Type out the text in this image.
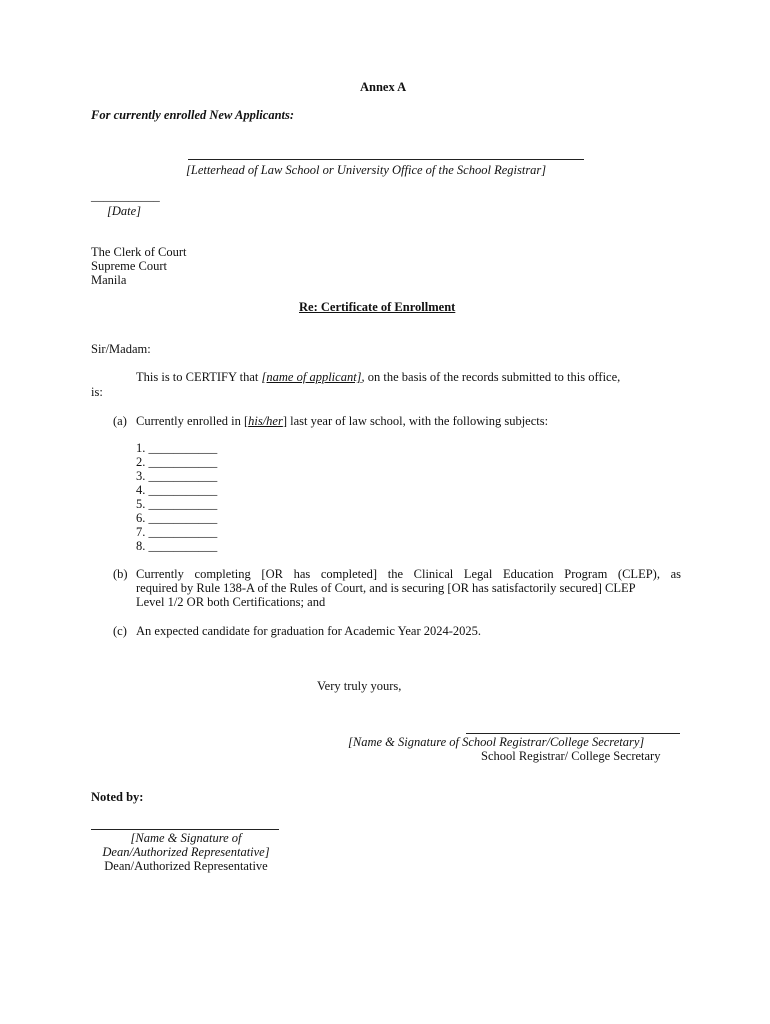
Annex A
For currently enrolled New Applicants:
[Letterhead of Law School or University Office of the School Registrar]
___________
[Date]
The Clerk of Court
Supreme Court
Manila
Re: Certificate of Enrollment
Sir/Madam:
This is to CERTIFY that [name of applicant], on the basis of the records submitted to this office,
is:
(a) Currently enrolled in [his/her] last year of law school, with the following subjects:
1. ___________
2. ___________
3. ___________
4. ___________
5. ___________
6. ___________
7. ___________
8. ___________
(b) Currently completing [OR has completed] the Clinical Legal Education Program (CLEP), as
required by Rule 138-A of the Rules of Court, and is securing [OR has satisfactorily secured] CLEP
Level 1/2 OR both Certifications; and
(c) An expected candidate for graduation for Academic Year 2024-2025.
Very truly yours,
[Name & Signature of School Registrar/College Secretary]
School Registrar/ College Secretary
Noted by:
[Name & Signature of
Dean/Authorized Representative]
Dean/Authorized Representative
